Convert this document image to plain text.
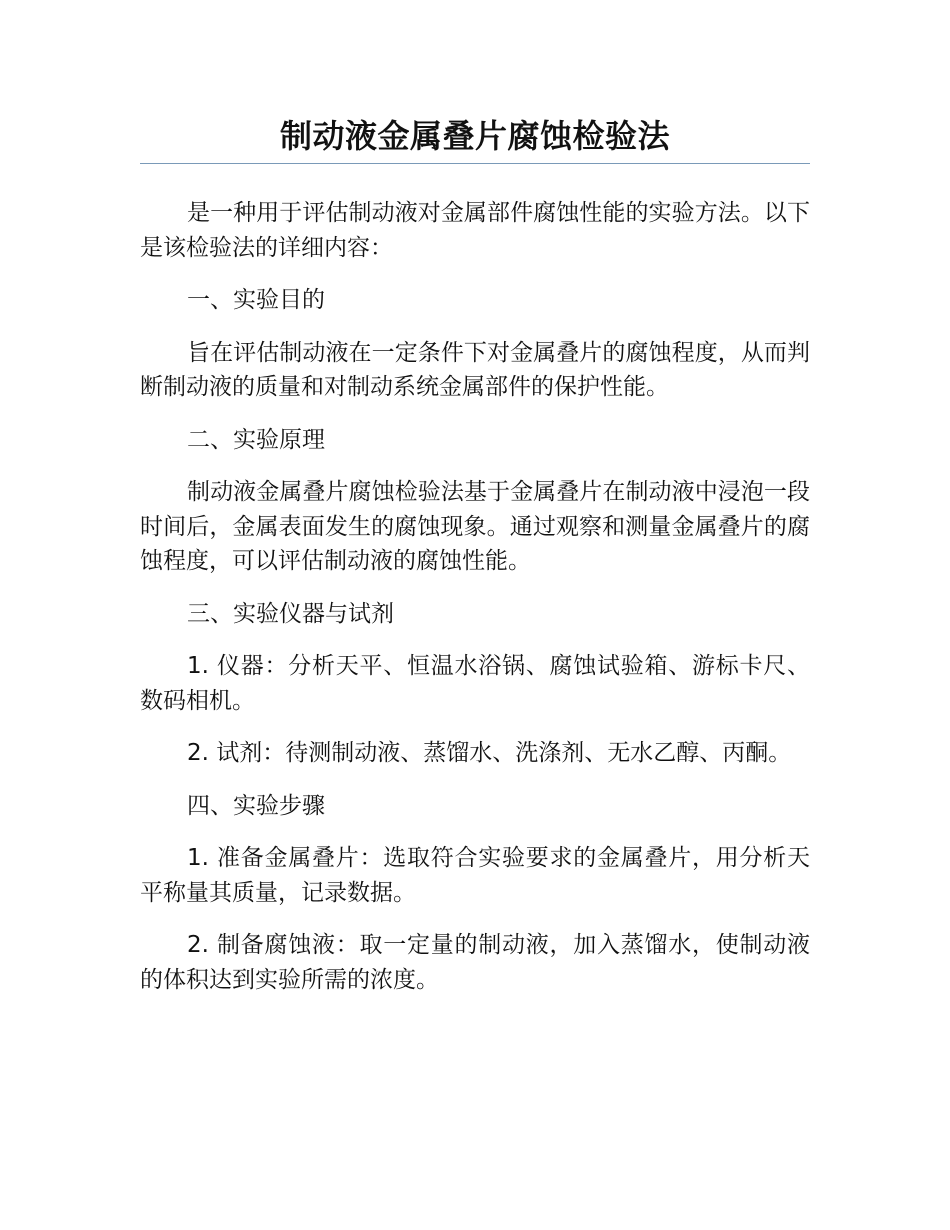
制动液金属叠片腐蚀检验法

是一种用于评估制动液对金属部件腐蚀性能的实验方法。以下是该检验法的详细内容：

一、实验目的

旨在评估制动液在一定条件下对金属叠片的腐蚀程度，从而判断制动液的质量和对制动系统金属部件的保护性能。

二、实验原理

制动液金属叠片腐蚀检验法基于金属叠片在制动液中浸泡一段时间后，金属表面发生的腐蚀现象。通过观察和测量金属叠片的腐蚀程度，可以评估制动液的腐蚀性能。

三、实验仪器与试剂

1. 仪器：分析天平、恒温水浴锅、腐蚀试验箱、游标卡尺、数码相机。

2. 试剂：待测制动液、蒸馏水、洗涤剂、无水乙醇、丙酮。

四、实验步骤

1. 准备金属叠片：选取符合实验要求的金属叠片，用分析天平称量其质量，记录数据。

2. 制备腐蚀液：取一定量的制动液，加入蒸馏水，使制动液的体积达到实验所需的浓度。
